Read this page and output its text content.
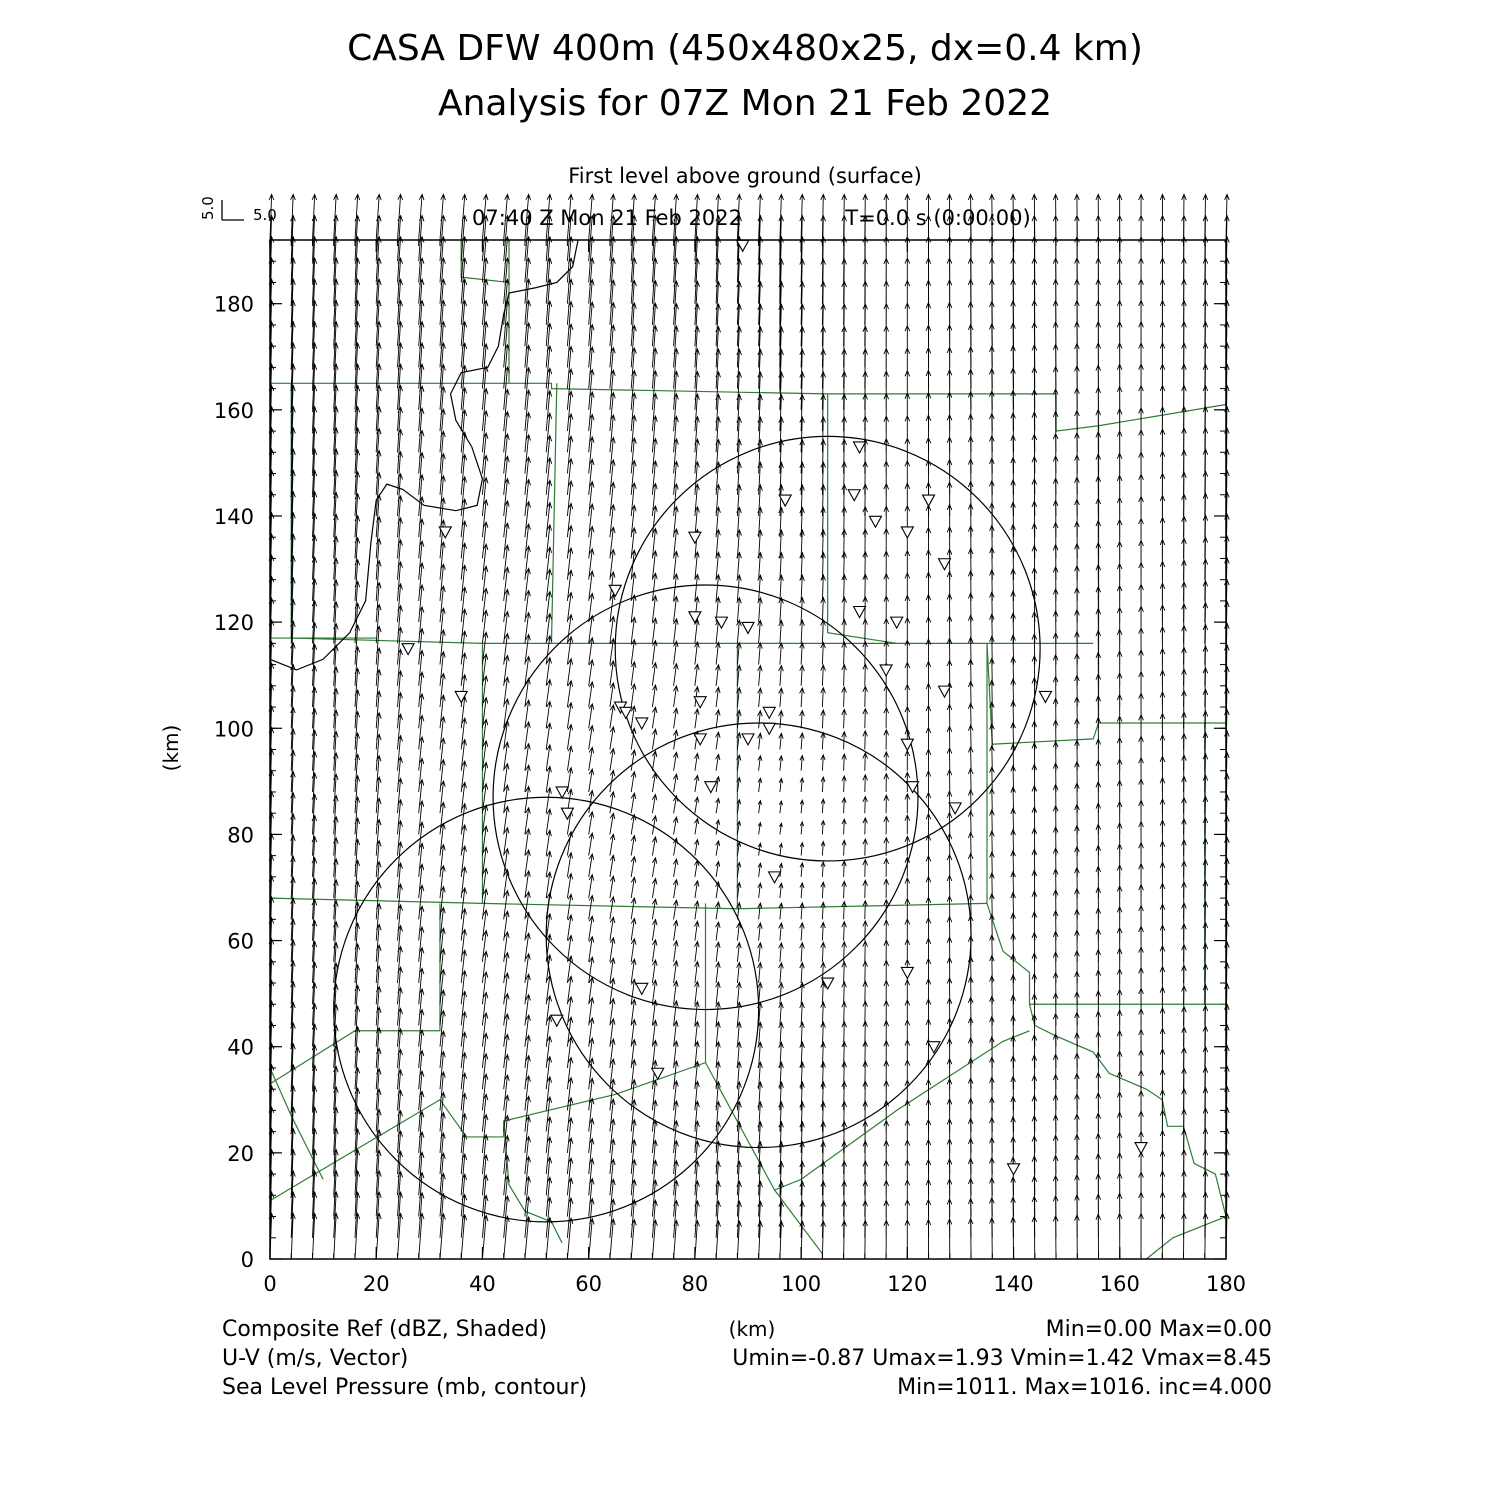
CASA DFW 400m (450x480x25, dx=0.4 km)
Analysis for 07Z Mon 21 Feb 2022
First level above ground (surface)
07:40 Z Mon 21 Feb 2022	T=0.0 s (0:00:00)
5.0 5.0
0	20	40	60	80	100	120	140	160	180
0
20
40
60
80
100
120
140
160
180
(km)
(km)
Composite Ref (dBZ, Shaded)	Min=0.00 Max=0.00
U-V (m/s, Vector)	Umin=-0.87 Umax=1.93 Vmin=1.42 Vmax=8.45
Sea Level Pressure (mb, contour)	Min=1011. Max=1016. inc=4.000
